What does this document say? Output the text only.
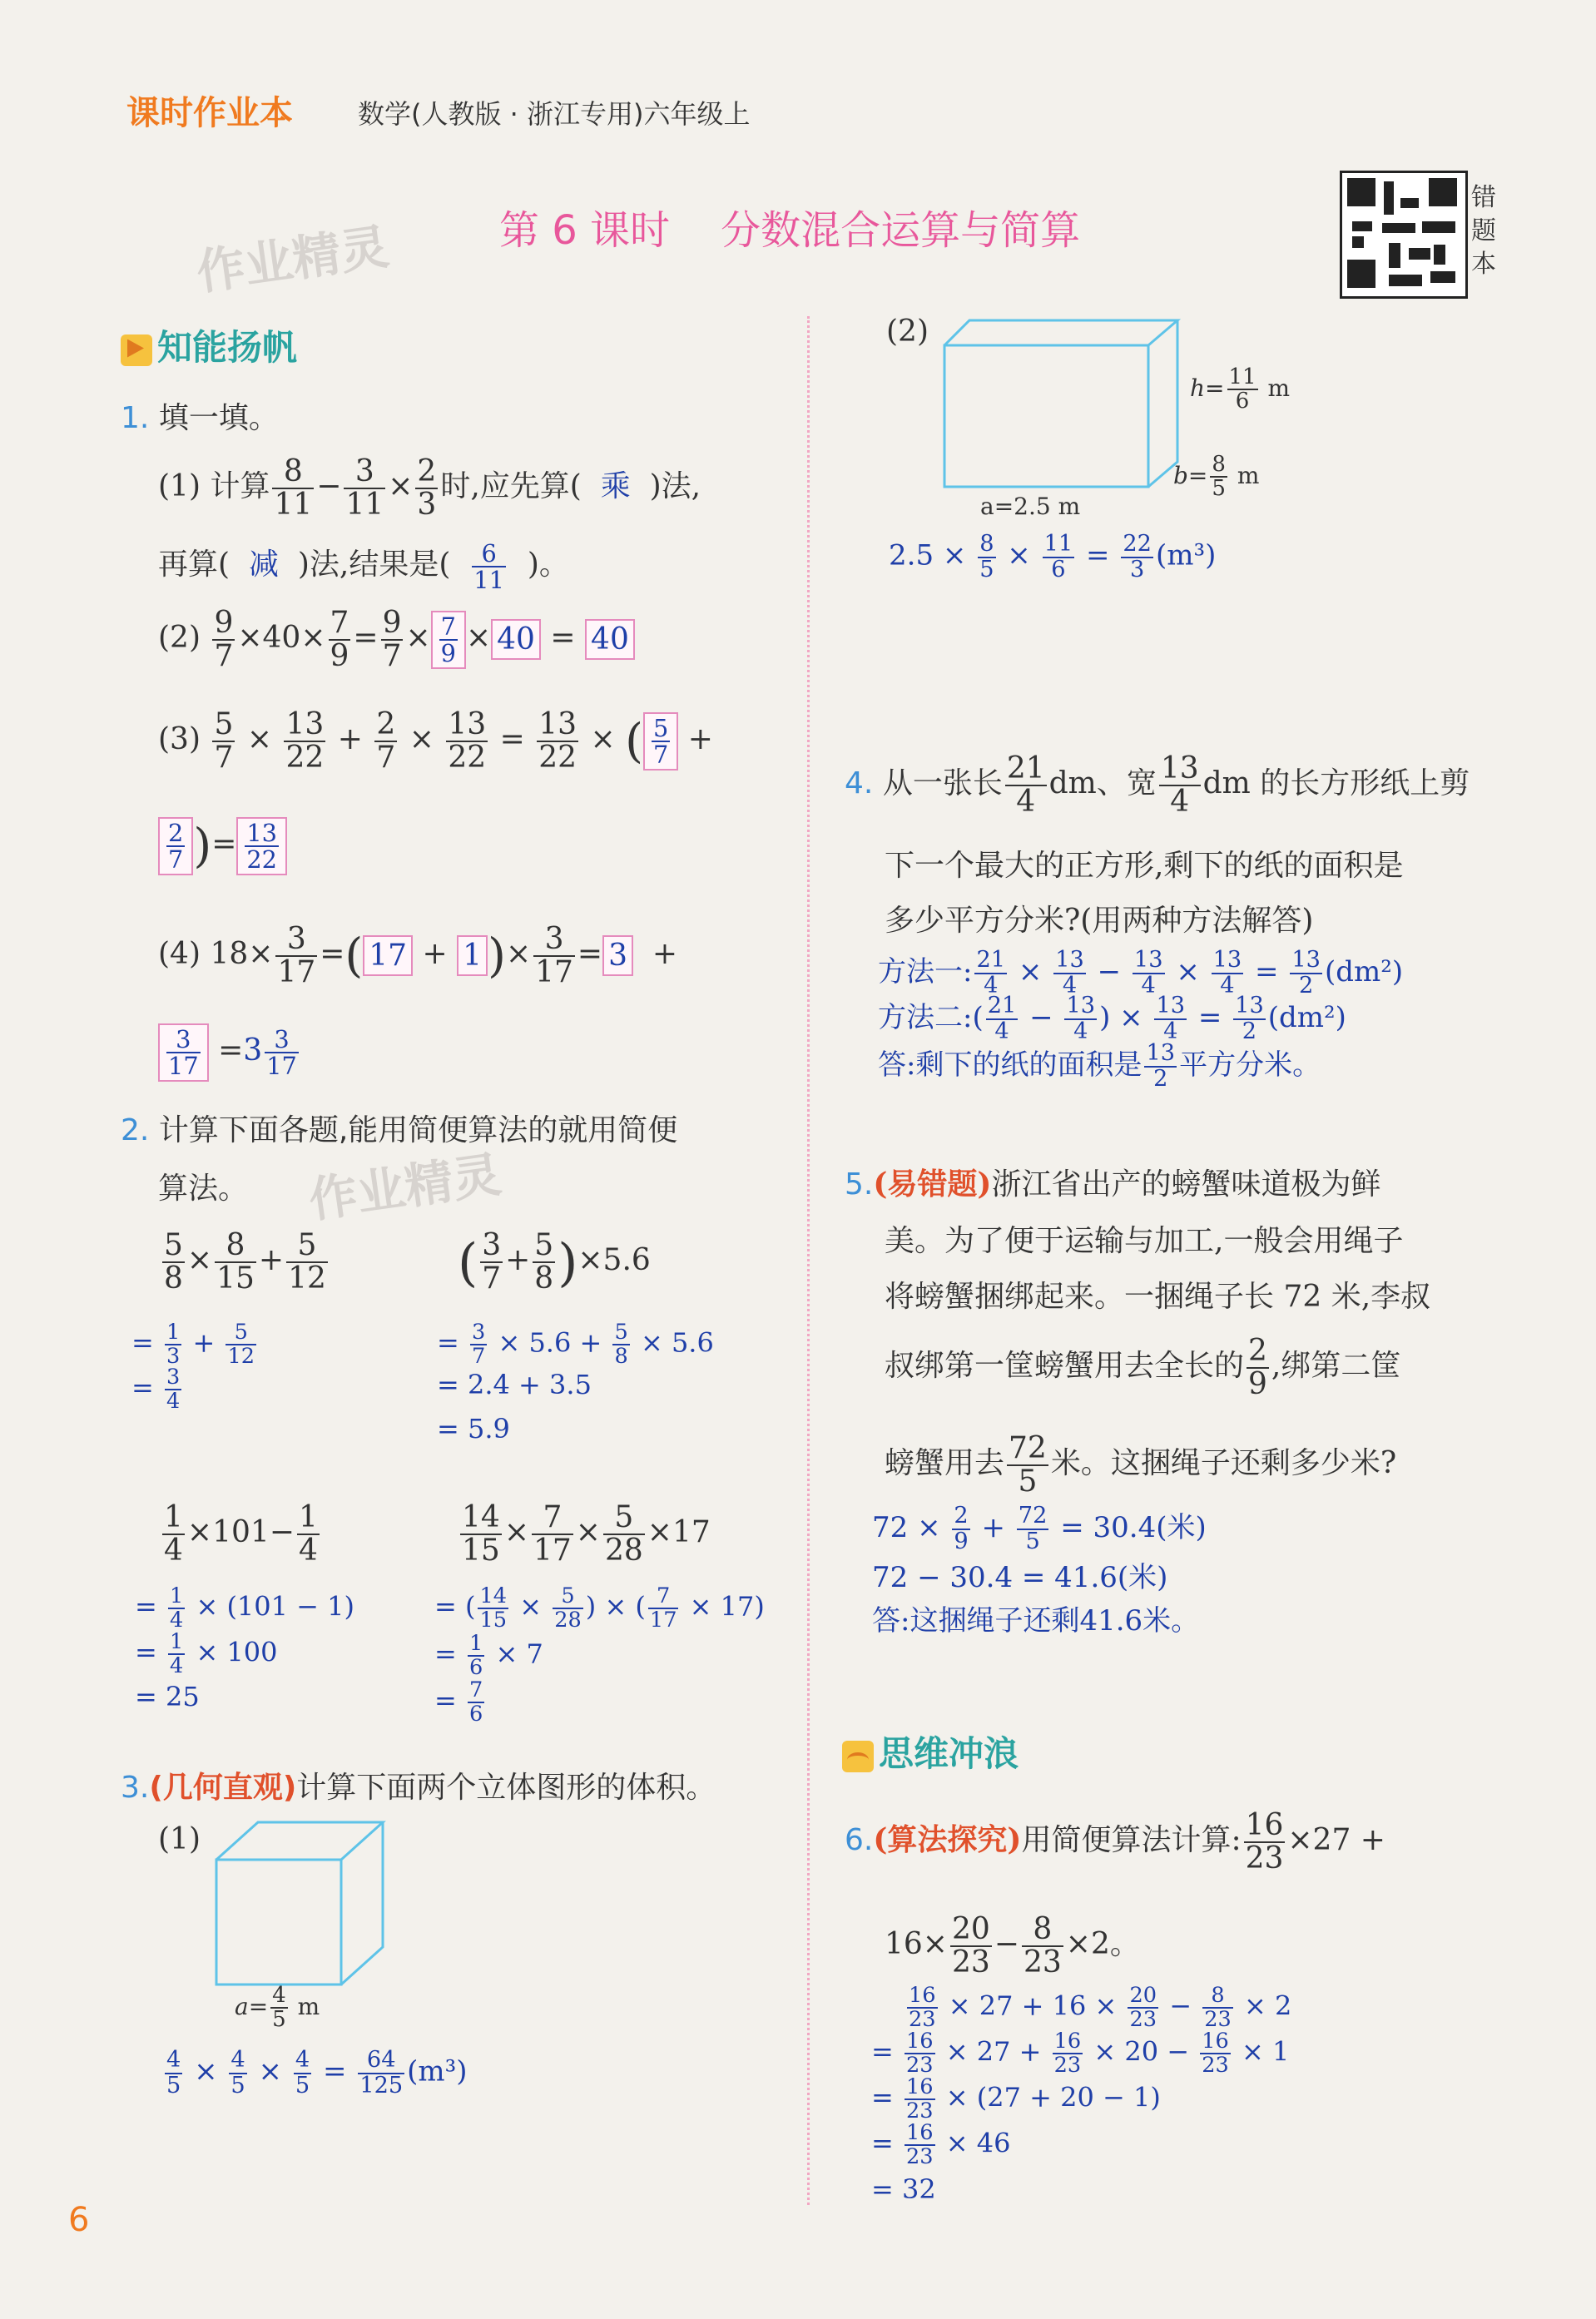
课时作业本 数学(人教版 · 浙江专用)六年级上
第 6 课时    分数混合运算与简算
作业精灵
错题本
知能扬帆
1. 填一填。
(1) 计算 $\frac{8}{11} - \frac{3}{11} \times \frac{2}{3}$ 时,应先算( 乘 )法,
再算( 减 )法,结果是( $\frac{6}{11}$ )。
$(2) \frac{9}{7} \times 40\times \frac{7}{9} = \frac{9}{7} \times \frac{7}{9} \times 40 = 40$
$(3) \frac{5}{7} \times \frac{13}{22} + \frac{2}{7} \times \frac{13}{22} = \frac{13}{22}$ × ( $\frac{5}{7}$ +
$\frac{2}{7}$ )= $\frac{13}{22}$
(4) $18\times \frac{3}{17}$ =( 17 + 1 )× $\frac{3}{17} = 3$ +
$\frac{3}{17} =3 \frac{3}{17}$
2. 计算下面各题,能用简便算法的就用简便
算法。 作业精灵
$\frac{5}{8} \times \frac{8}{15} + \frac{5}{12}$
= $\frac{1}{3} + \frac{5}{12}$
= $\frac{3}{4}$
( $\frac{3}{7} + \frac{5}{8} )\times 5.6$
= $\frac{3}{7} \times 5.6 + \frac{5}{8} \times 5.6$
= 2.4 + 3.5
= 5.9
$\frac{1}{4} \times 101- \frac{1}{4}$
= $\frac{1}{4} \times (101 - 1)$
= $\frac{1}{4} \times 100$
= 25
$\frac{14}{15} \times \frac{7}{17} \times \frac{5}{28} \times 17$
= ( $\frac{14}{15} \times \frac{5}{28}$ ) × ( $\frac{7}{17} \times 17$)
= $\frac{1}{6} \times 7$
= $\frac{7}{6}$
3.(几何直观)计算下面两个立体图形的体积。
(1)
$a= \frac{4}{5}$ m
$\frac{4}{5} \times \frac{4}{5} \times \frac{4}{5} = \frac{64}{125} (m^3)$
(2)
$h= \frac{11}{6}$ m
$b= \frac{8}{5}$ m
a=2.5 m
$2.5 \times \frac{8}{5} \times \frac{11}{6} = \frac{22}{3} (m^3)$
4. 从一张长 $\frac{21}{4}$ dm、宽 $\frac{13}{4}$ dm 的长方形纸上剪
下一个最大的正方形,剩下的纸的面积是
多少平方分米?(用两种方法解答)
方法一: $\frac{21}{4} \times \frac{13}{4} - \frac{13}{4} \times \frac{13}{4} = \frac{13}{2} (dm^2)$
方法二:( $\frac{21}{4} - \frac{13}{4}$ ) × $\frac{13}{4} = \frac{13}{2} (dm^2)$
答:剩下的纸的面积是 $\frac{13}{2}$ 平方分米。
5.(易错题)浙江省出产的螃蟹味道极为鲜
美。为了便于运输与加工,一般会用绳子
将螃蟹捆绑起来。一捆绳子长 72 米,李叔
叔绑第一筐螃蟹用去全长的 $\frac{2}{9}$ ,绑第二筐
螃蟹用去 $\frac{72}{5}$ 米。这捆绳子还剩多少米?
$72 \times \frac{2}{9} + \frac{72}{5} = 30.4$(米)
72 − 30.4 = 41.6(米)
答:这捆绳子还剩41.6米。
思维冲浪
6.(算法探究)用简便算法计算: $\frac{16}{23} \times 27$ +
$16\times \frac{20}{23} - \frac{8}{23} \times 2$。
$\frac{16}{23} \times 27 + 16 \times \frac{20}{23} - \frac{8}{23} \times 2$
= $\frac{16}{23} \times 27 + \frac{16}{23} \times 20 - \frac{16}{23} \times 1$
= $\frac{16}{23} \times (27 + 20 - 1)$
= $\frac{16}{23} \times 46$
= 32
6
